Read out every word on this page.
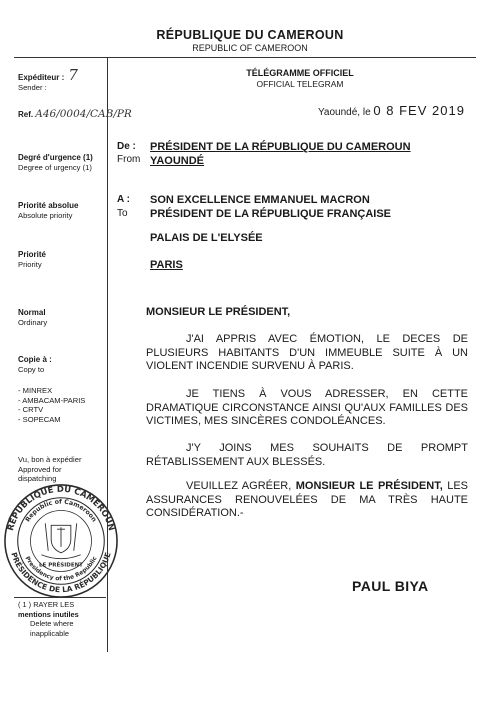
RÉPUBLIQUE DU CAMEROUN
REPUBLIC OF CAMEROON
Expéditeur : 7
Sender :
Ref. A46/0004/CAB/PR
Degré d'urgence (1)
Degree of urgency (1)
Priorité absolue
Absolute priority
Priorité
Priority
Normal
Ordinary
Copie à :
Copy to
- MINREX
- AMBACAM-PARIS
- CRTV
- SOPECAM
Vu, bon à expédier
Approved for
dispatching
RÉPUBLIQUE DU CAMEROUN
PRÉSIDENCE DE LA RÉPUBLIQUE
Republic of Cameroon
Presidency of the Republic
LE PRÉSIDENT
TÉLÉGRAMME OFFICIEL
OFFICIAL TELEGRAM
Yaoundé, le 0 8 FEV 2019
De :
From
PRÉSIDENT DE LA RÉPUBLIQUE DU CAMEROUN
YAOUNDÉ
A :
To
SON EXCELLENCE EMMANUEL MACRON
PRÉSIDENT DE LA RÉPUBLIQUE FRANÇAISE
PALAIS DE L'ELYSÉE
PARIS
MONSIEUR LE PRÉSIDENT,
J'AI APPRIS AVEC ÉMOTION, LE DECES DE PLUSIEURS HABITANTS D'UN IMMEUBLE SUITE À UN VIOLENT INCENDIE SURVENU À PARIS.
JE TIENS À VOUS ADRESSER, EN CETTE DRAMATIQUE CIRCONSTANCE AINSI QU'AUX FAMILLES DES VICTIMES, MES SINCÈRES CONDOLÉANCES.
J'Y JOINS MES SOUHAITS DE PROMPT RÉTABLISSEMENT AUX BLESSÉS.
VEUILLEZ AGRÉER, MONSIEUR LE PRÉSIDENT, LES ASSURANCES RENOUVELÉES DE MA TRÈS HAUTE CONSIDÉRATION.-
PAUL BIYA
( 1 ) RAYER LES
mentions inutiles

Delete where
inapplicable
